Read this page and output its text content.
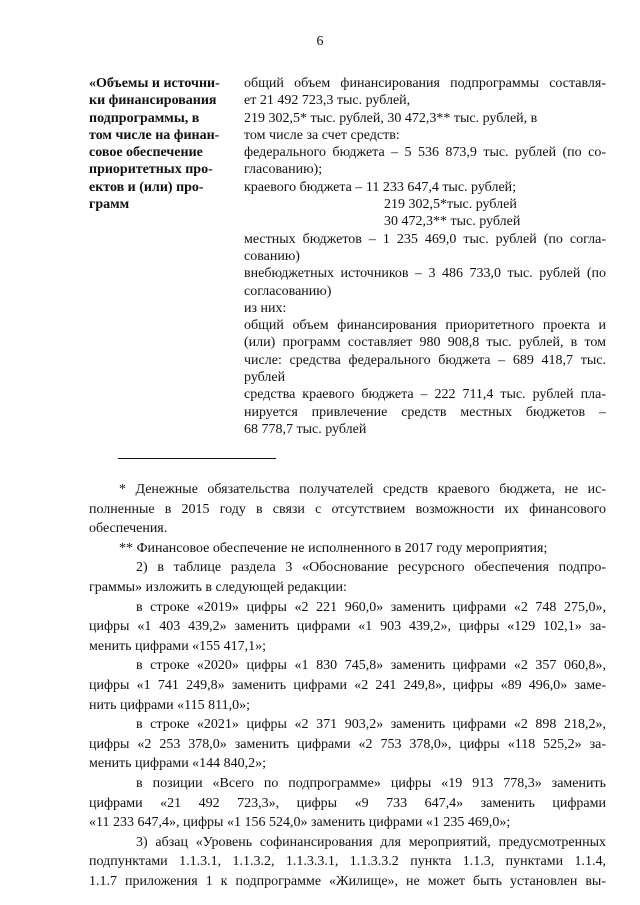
6
«Объемы и источни-
ки финансирования
подпрограммы, в
том числе на финан-
совое обеспечение
приоритетных про-
ектов и (или) про-
грамм
общий объем финансирования подпрограммы составля-
ет 21 492 723,3 тыс. рублей,
219 302,5* тыс. рублей, 30 472,3** тыс. рублей, в
том числе за счет средств:
федерального бюджета – 5 536 873,9 тыс. рублей (по со-
гласованию);
краевого бюджета – 11 233 647,4 тыс. рублей;
219 302,5*тыс. рублей
30 472,3** тыс. рублей
местных бюджетов – 1 235 469,0 тыс. рублей (по согла-
сованию)
внебюджетных источников – 3 486 733,0 тыс. рублей (по
согласованию)
из них:
общий объем финансирования приоритетного проекта и
(или) программ составляет 980 908,8 тыс. рублей, в том
числе: средства федерального бюджета – 689 418,7 тыс.
рублей
средства краевого бюджета – 222 711,4 тыс. рублей пла-
нируется привлечение средств местных бюджетов –
68 778,7 тыс. рублей
* Денежные обязательства получателей средств краевого бюджета, не ис-
полненные в 2015 году в связи с отсутствием возможности их финансового
обеспечения.
** Финансовое обеспечение не исполненного в 2017 году мероприятия;
2) в таблице раздела 3 «Обоснование ресурсного обеспечения подпро-
граммы» изложить в следующей редакции:
в строке «2019» цифры «2 221 960,0» заменить цифрами «2 748 275,0»,
цифры «1 403 439,2» заменить цифрами «1 903 439,2», цифры «129 102,1» за-
менить цифрами «155 417,1»;
в строке «2020» цифры «1 830 745,8» заменить цифрами «2 357 060,8»,
цифры «1 741 249,8» заменить цифрами «2 241 249,8», цифры «89 496,0» заме-
нить цифрами «115 811,0»;
в строке «2021» цифры «2 371 903,2» заменить цифрами «2 898 218,2»,
цифры «2 253 378,0» заменить цифрами «2 753 378,0», цифры «118 525,2» за-
менить цифрами «144 840,2»;
в позиции «Всего по подпрограмме» цифры «19 913 778,3» заменить
цифрами «21 492 723,3», цифры «9 733 647,4» заменить цифрами
«11 233 647,4», цифры «1 156 524,0» заменить цифрами «1 235 469,0»;
3) абзац «Уровень софинансирования для мероприятий, предусмотренных
подпунктами 1.1.3.1, 1.1.3.2, 1.1.3.3.1, 1.1.3.3.2 пункта 1.1.3, пунктами 1.1.4,
1.1.7 приложения 1 к подпрограмме «Жилище», не может быть установлен вы-
